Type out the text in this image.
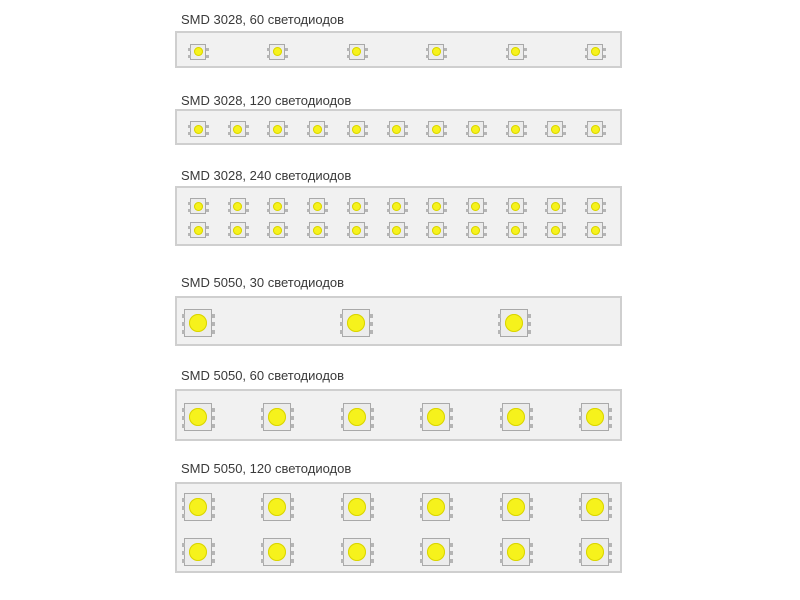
SMD 3028, 60 светодиодов
SMD 3028, 120 светодиодов
SMD 3028, 240 светодиодов
SMD 5050, 30 светодиодов
SMD 5050, 60 светодиодов
SMD 5050, 120 светодиодов
